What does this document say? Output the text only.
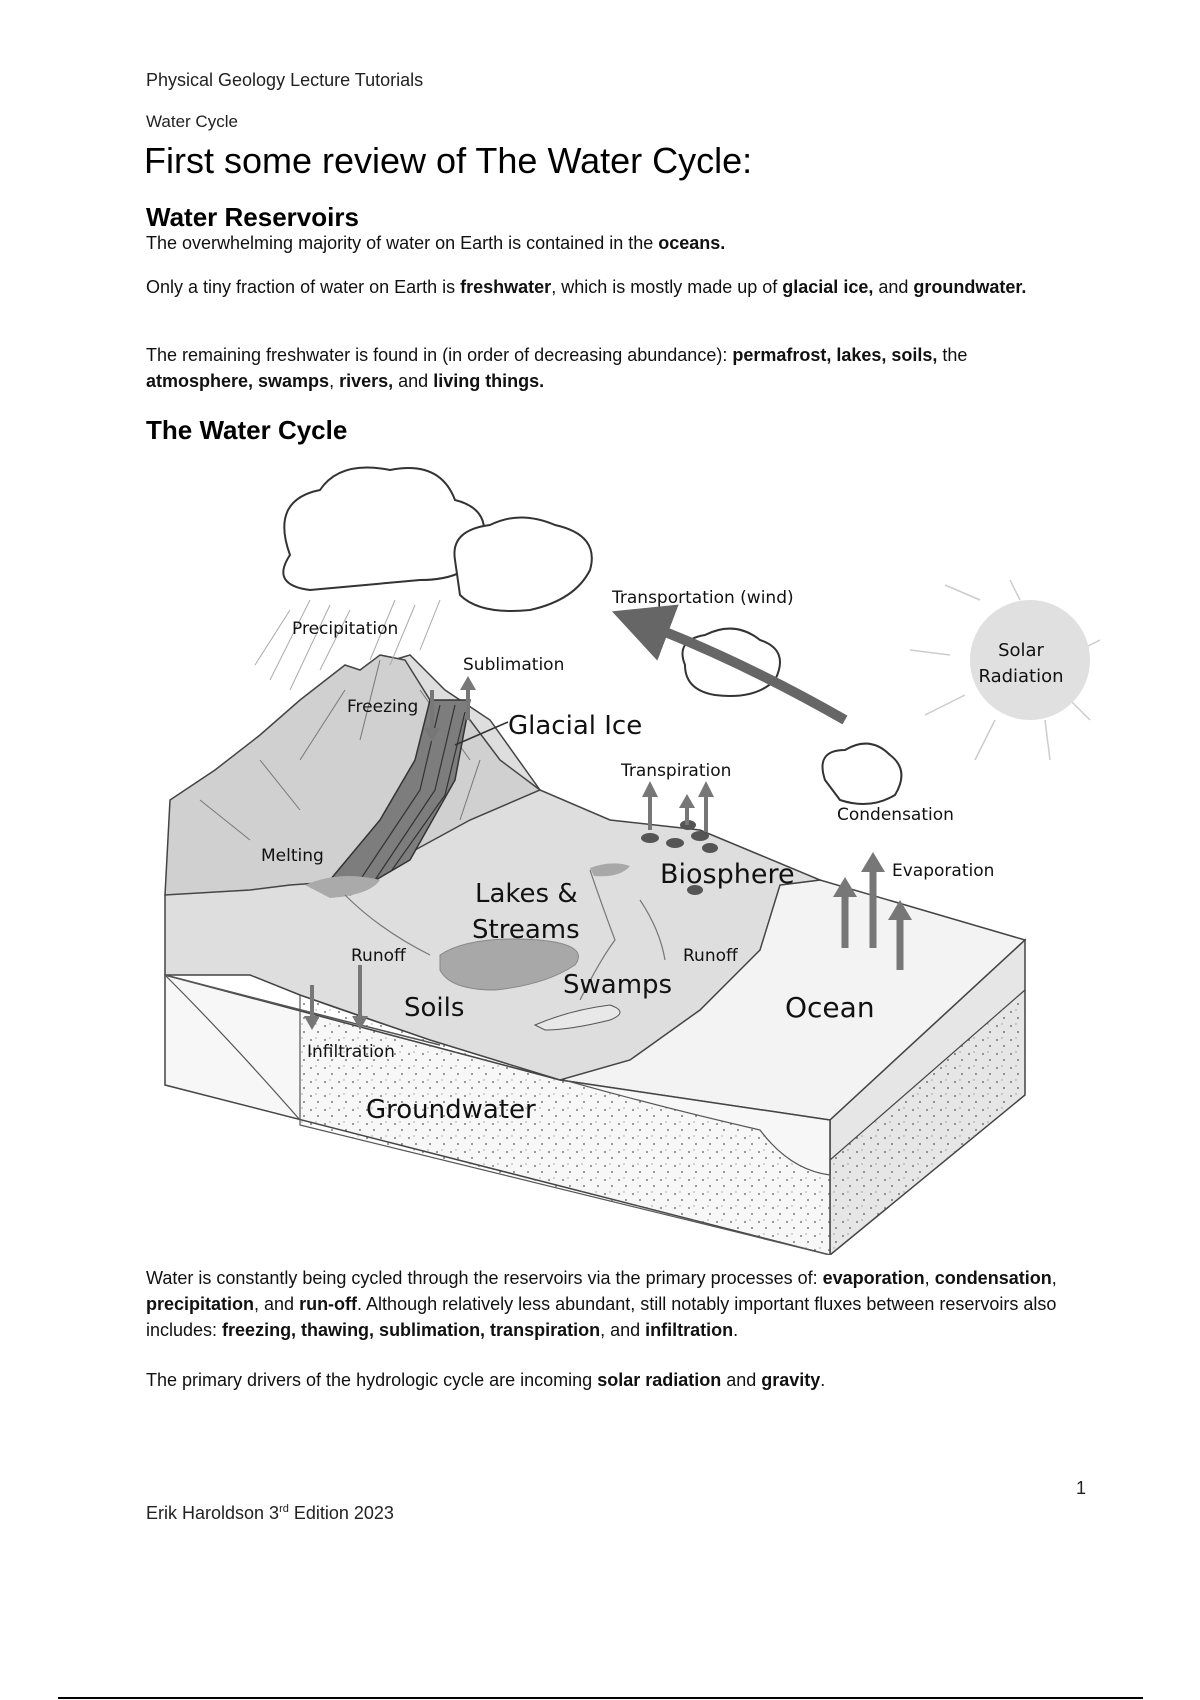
Physical Geology Lecture Tutorials
Water Cycle
First some review of The Water Cycle:
Water Reservoirs
The overwhelming majority of water on Earth is contained in the oceans.
Only a tiny fraction of water on Earth is freshwater, which is mostly made up of glacial ice, and groundwater.
The remaining freshwater is found in (in order of decreasing abundance): permafrost, lakes, soils, the atmosphere, swamps, rivers, and living things.
The Water Cycle
Precipitation
Transportation (wind)
Sublimation
Solar
Radiation
Freezing
Glacial Ice
Transpiration
Condensation
Melting
Evaporation
Biosphere
Lakes &
Streams
Runoff	Runoff
Swamps
Soils	Ocean
Infiltration
Groundwater
Water is constantly being cycled through the reservoirs via the primary processes of: evaporation, condensation, precipitation, and run-off. Although relatively less abundant, still notably important fluxes between reservoirs also includes: freezing, thawing, sublimation, transpiration, and infiltration.
The primary drivers of the hydrologic cycle are incoming solar radiation and gravity.
1
Erik Haroldson 3rd Edition 2023
